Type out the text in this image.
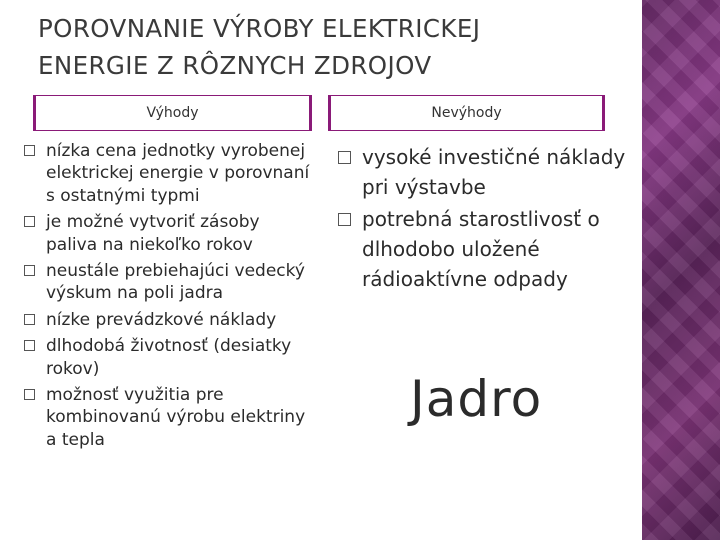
POROVNANIE VÝROBY ELEKTRICKEJ
ENERGIE Z RÔZNYCH ZDROJOV
Výhody	Nevýhody
nízka cena jednotky vyrobenej elektrickej energie v porovnaní s ostatnými typmi
je možné vytvoriť zásoby paliva na niekoľko rokov
neustále prebiehajúci vedecký výskum na poli jadra
nízke prevádzkové náklady
dlhodobá životnosť (desiatky rokov)
možnosť využitia pre kombinovanú výrobu elektriny a tepla
vysoké investičné náklady pri výstavbe
potrebná starostlivosť o dlhodobo uložené rádioaktívne odpady

Jadro
